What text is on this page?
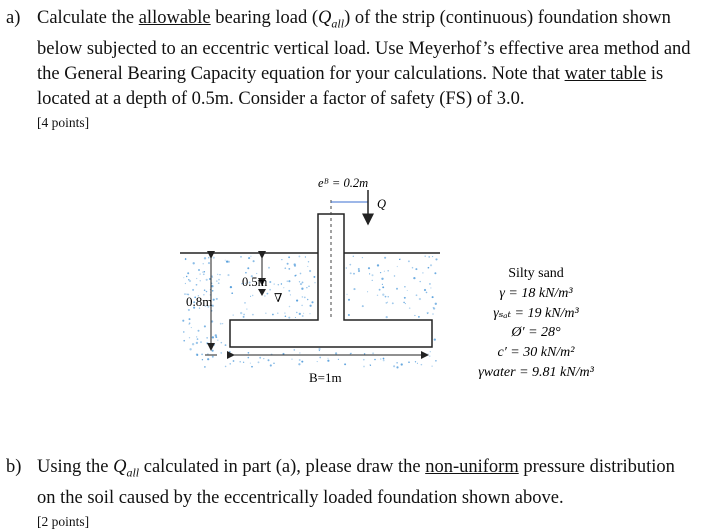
a) Calculate the allowable bearing load $(Q_{all})$ of the strip (continuous) foundation shown below subjected to an eccentric vertical load. Use Meyerhof’s effective area method and the General Bearing Capacity equation for your calculations. Note that water table is located at a depth of 0.5m. Consider a factor of safety (FS) of 3.0.
[4 points]
eᴮ = 0.2m
Q
0.8m
0.5m
∇
B=1m
Silty sand
γ = 18 kN/m³
γₛₐₜ = 19 kN/m³
Ø′ = 28°
c′ = 30 kN/m²
γwater = 9.81 kN/m³
b) Using the $Q_{all}$ calculated in part (a), please draw the non-uniform pressure distribution on the soil caused by the eccentrically loaded foundation shown above.
[2 points]
